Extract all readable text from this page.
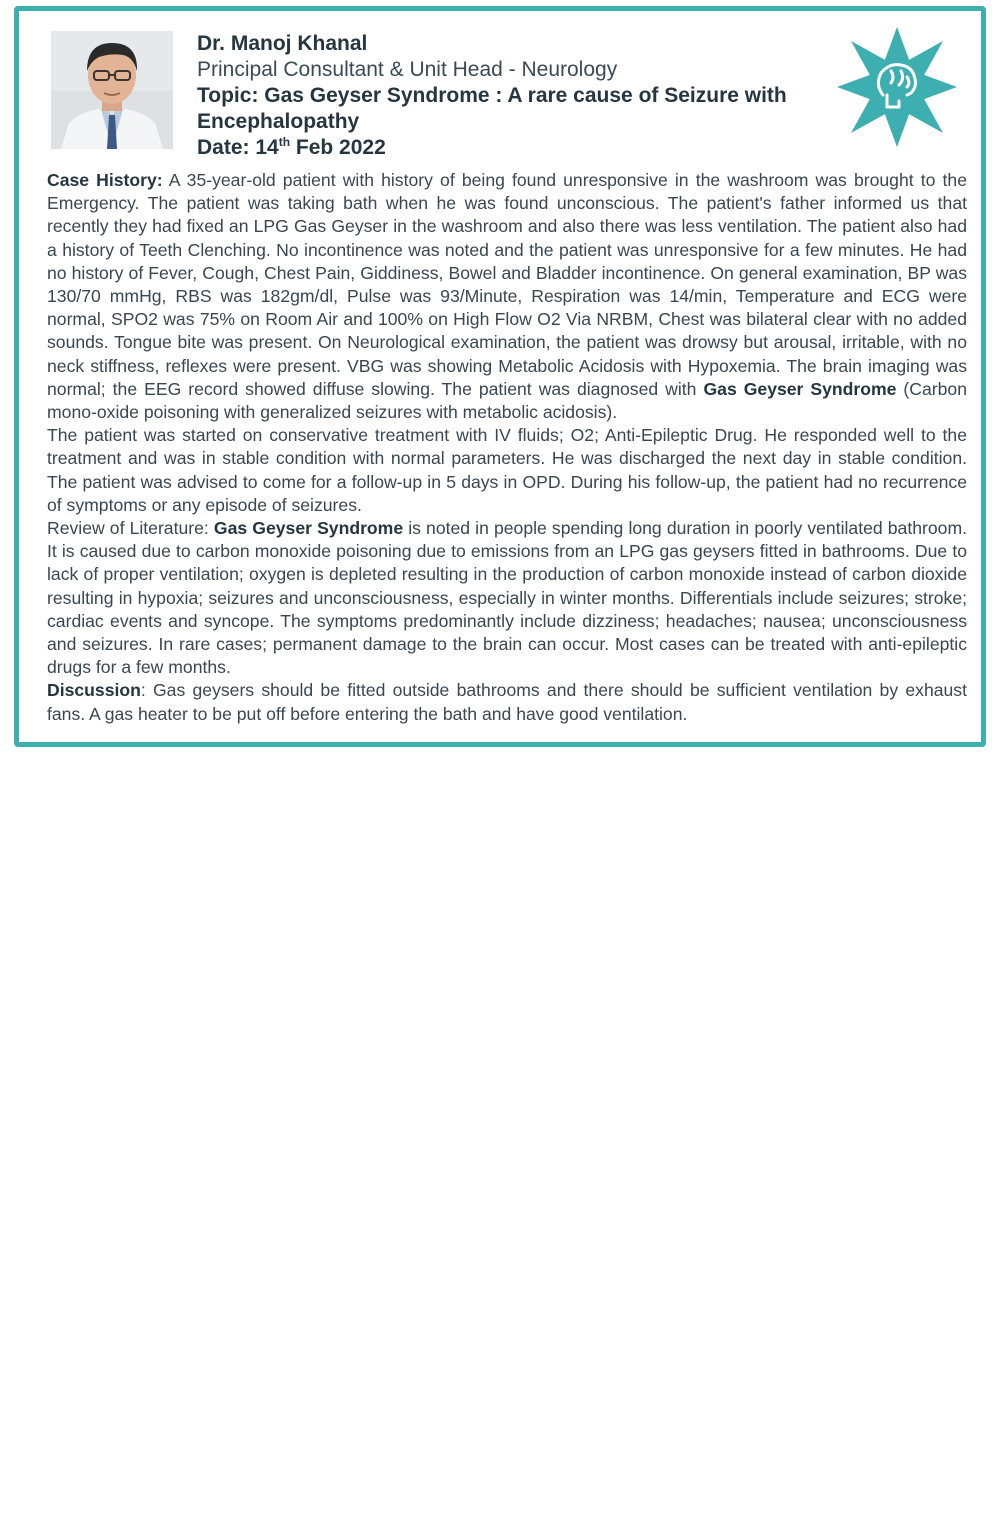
Dr. Manoj Khanal
Principal Consultant & Unit Head - Neurology
Topic: Gas Geyser Syndrome : A rare cause of Seizure with Encephalopathy
Date: 14th Feb 2022

Case History: A 35-year-old patient with history of being found unresponsive in the washroom was brought to the Emergency. The patient was taking bath when he was found unconscious. The patient's father informed us that recently they had fixed an LPG Gas Geyser in the washroom and also there was less ventilation. The patient also had a history of Teeth Clenching. No incontinence was noted and the patient was unresponsive for a few minutes. He had no history of Fever, Cough, Chest Pain, Giddiness, Bowel and Bladder incontinence. On general examination, BP was 130/70 mmHg, RBS was 182gm/dl, Pulse was 93/Minute, Respiration was 14/min, Temperature and ECG were normal, SPO2 was 75% on Room Air and 100% on High Flow O2 Via NRBM, Chest was bilateral clear with no added sounds. Tongue bite was present. On Neurological examination, the patient was drowsy but arousal, irritable, with no neck stiffness, reflexes were present. VBG was showing Metabolic Acidosis with Hypoxemia. The brain imaging was normal; the EEG record showed diffuse slowing. The patient was diagnosed with Gas Geyser Syndrome (Carbon mono-oxide poisoning with generalized seizures with metabolic acidosis).

The patient was started on conservative treatment with IV fluids; O2; Anti-Epileptic Drug. He responded well to the treatment and was in stable condition with normal parameters. He was discharged the next day in stable condition. The patient was advised to come for a follow-up in 5 days in OPD. During his follow-up, the patient had no recurrence of symptoms or any episode of seizures.

Review of Literature: Gas Geyser Syndrome is noted in people spending long duration in poorly ventilated bathroom. It is caused due to carbon monoxide poisoning due to emissions from an LPG gas geysers fitted in bathrooms. Due to lack of proper ventilation; oxygen is depleted resulting in the production of carbon monoxide instead of carbon dioxide resulting in hypoxia; seizures and unconsciousness, especially in winter months. Differentials include seizures; stroke; cardiac events and syncope. The symptoms predominantly include dizziness; headaches; nausea; unconsciousness and seizures. In rare cases; permanent damage to the brain can occur. Most cases can be treated with anti-epileptic drugs for a few months.

Discussion: Gas geysers should be fitted outside bathrooms and there should be sufficient ventilation by exhaust fans. A gas heater to be put off before entering the bath and have good ventilation.
